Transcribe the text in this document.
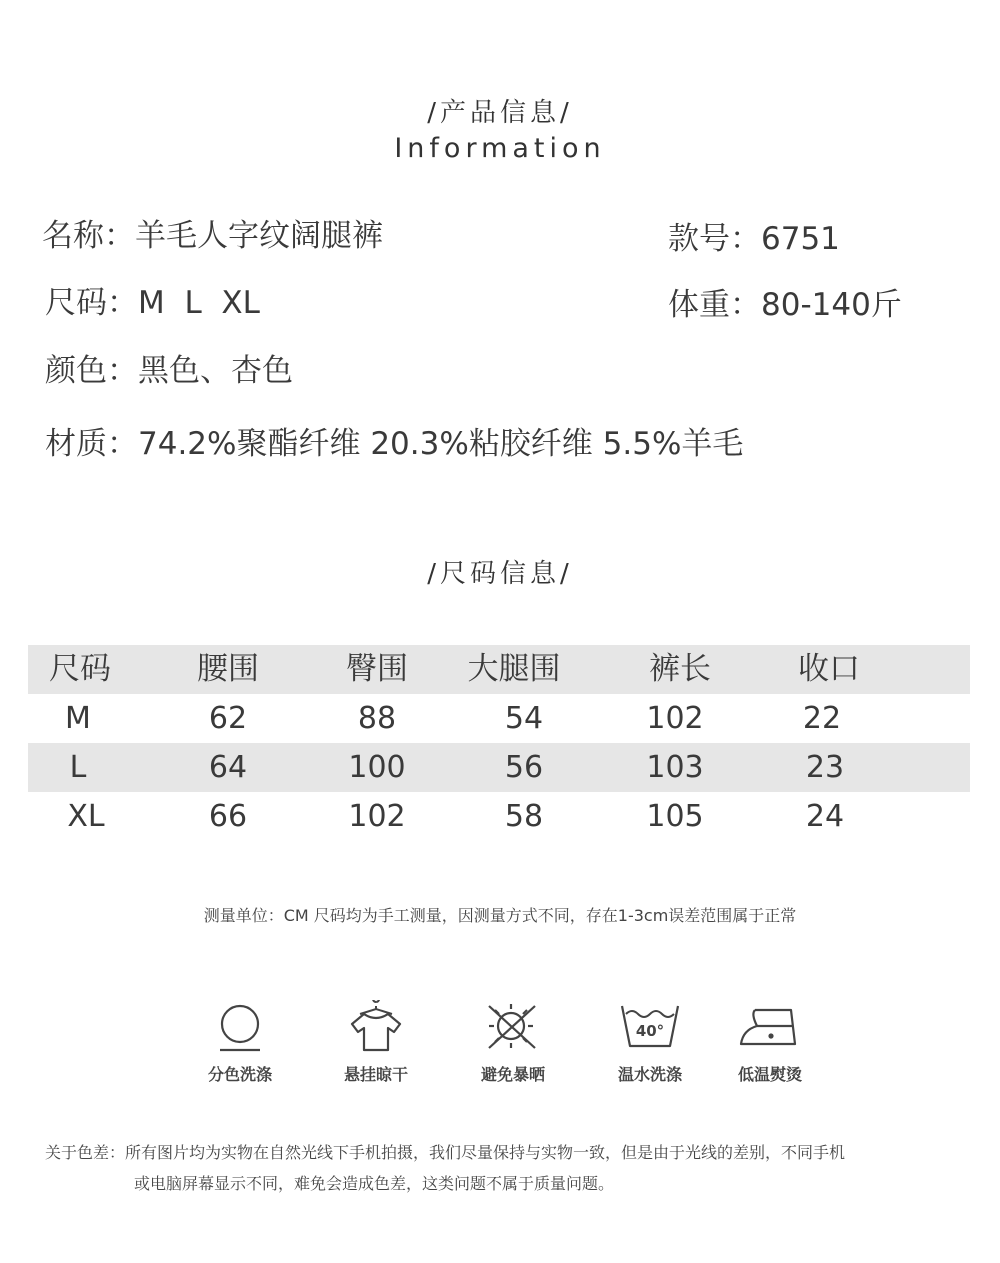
/产品信息/
Information
名称：羊毛人字纹阔腿裤	款号：6751
尺码：M  L  XL	体重：80-140斤
颜色：黑色、杏色
材质：74.2%聚酯纤维 20.3%粘胶纤维 5.5%羊毛
/尺码信息/
尺码	腰围	臀围	大腿围	裤长	收口
M	62	88	54	102	22
L	64	100	56	103	23
XL	66	102	58	105	24
测量单位：CM 尺码均为手工测量，因测量方式不同，存在1-3cm误差范围属于正常
分色洗涤	悬挂晾干	避免暴晒
40°
温水洗涤	低温熨烫
关于色差：所有图片均为实物在自然光线下手机拍摄，我们尽量保持与实物一致，但是由于光线的差别，不同手机
或电脑屏幕显示不同，难免会造成色差，这类问题不属于质量问题。
